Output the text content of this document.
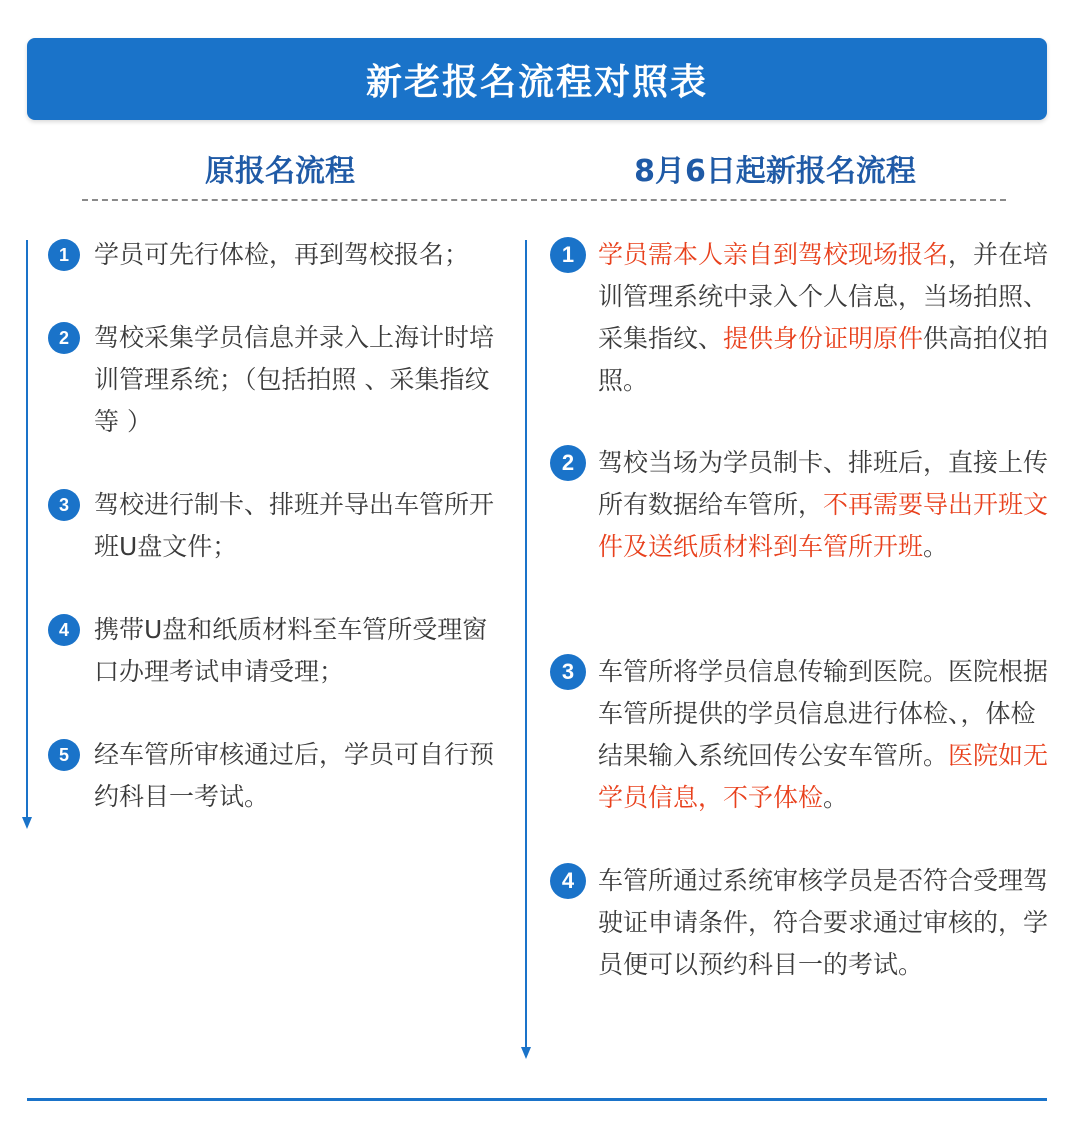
新老报名流程对照表
原报名流程	8月6日起新报名流程
1	学员可先行体检，再到驾校报名；
2	驾校采集学员信息并录入上海计时培训管理系统；（包括拍照 、采集指纹等 ）
3	驾校进行制卡、排班并导出车管所开班U盘文件；
4	携带U盘和纸质材料至车管所受理窗口办理考试申请受理；
5	经车管所审核通过后，学员可自行预约科目一考试。
1 学员需本人亲自到驾校现场报名，并在培训管理系统中录入个人信息，当场拍照、采集指纹、提供身份证明原件供高拍仪拍照。
2 驾校当场为学员制卡、排班后，直接上传所有数据给车管所，不再需要导出开班文件及送纸质材料到车管所开班。
3 车管所将学员信息传输到医院。医院根据车管所提供的学员信息进行体检、，体检结果输入系统回传公安车管所。医院如无学员信息，不予体检。
4 车管所通过系统审核学员是否符合受理驾驶证申请条件，符合要求通过审核的，学员便可以预约科目一的考试。
